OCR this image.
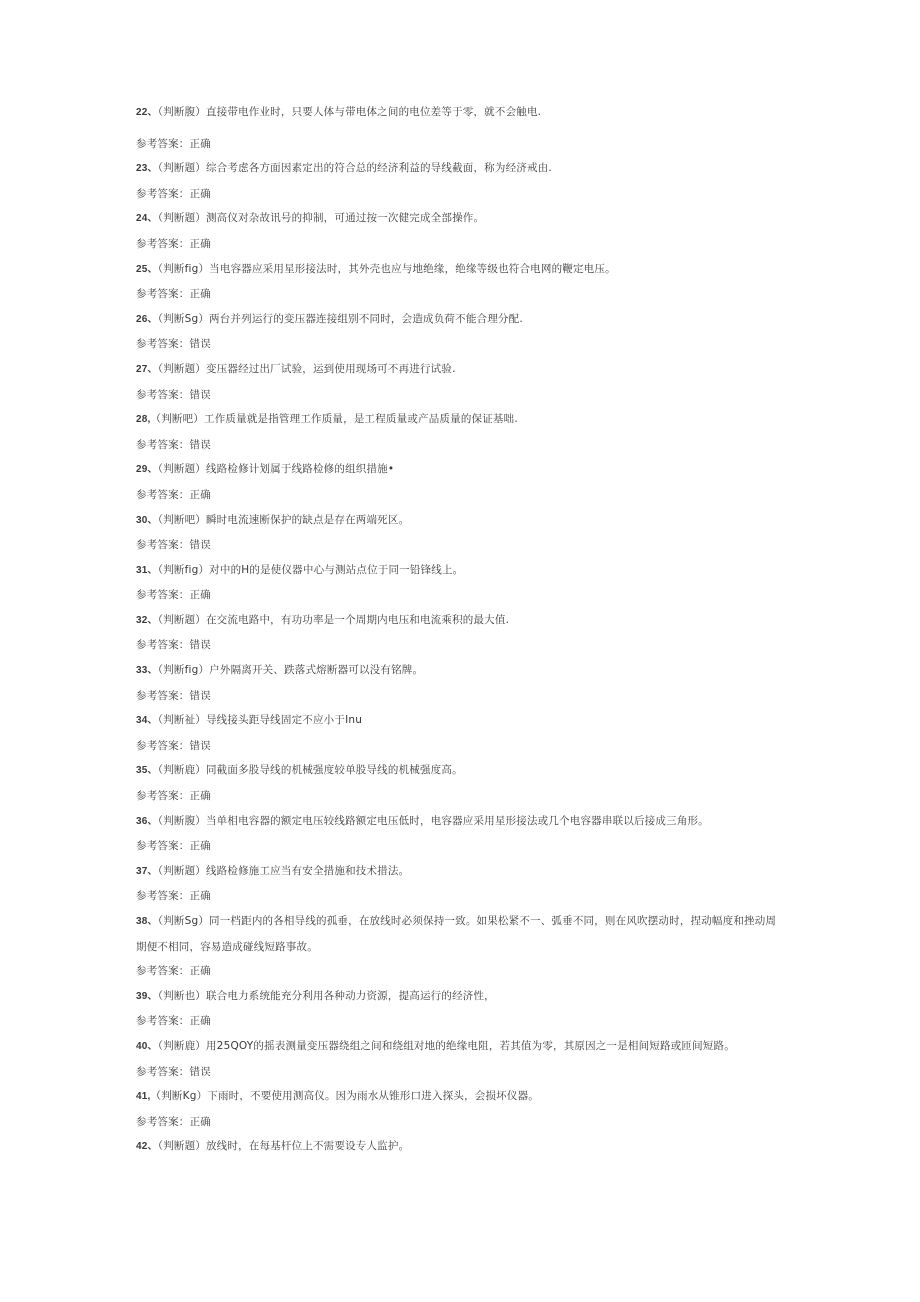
22、（判断腹）直接带电作业时，只要人体与带电体之间的电位差等于零，就不会触电.
参考答案：正确
23、（判断题）综合考虑各方面因素定出的符合总的经济利益的导线截面，称为经济戒由.
参考答案：正确
24、（判断题）测高仪对杂故讯号的抑制，可通过按一次健完成全部操作。
参考答案：正确
25、（判断fig）当电容器应采用星形接法时，其外壳也应与地绝缘，绝缘等级也符合电网的鞭定电压。
参考答案：正确
26、（判断Sg）两台并列运行的变压器连接组别不同时，会造成负荷不能合理分配.
参考答案：错误
27、（判断题）变压器经过出厂试验，运到使用现场可不再进行试验.
参考答案：错误
28,（判断吧）工作质量就是指管理工作质量，是工程质量或产品质量的保证基咄.
参考答案：错误
29、（判断题）线路检修计划属于线路检修的组织措施•
参考答案：正确
30、（判断吧）瞬时电流速断保护的缺点是存在两端死区。
参考答案：错误
31、（判断fig）对中的H的是使仪器中心与测站点位于同一铅锋线上。
参考答案：正确
32、（判断题）在交流电路中，有功功率是一个周期内电压和电流乘积的最大值.
参考答案：错误
33、（判断fig）户外隔离开关、跌落式熔断器可以没有铭牌。
参考答案：错误
34、（判断祉）导线接头距导线固定不应小于Inu
参考答案：错误
35、（判断鹿）同截面多股导线的机械强度较单股导线的机械强度高。
参考答案：正确
36、（判断腹）当单相电容器的额定电压较线路额定电压低时，电容器应采用星形接法或几个电容器串联以后接成三角形。
参考答案：正确
37、（判断题）线路检修施工应当有安全措施和技术措法。
参考答案：正确
38、（判断Sg）同一档距内的各相导线的孤垂，在放线时必须保持一致。如果松紧不一、弧垂不同，则在风吹摆动时，捏动幅度和挫动周期便不相同，容易造成碰线短路事故。
参考答案：正确
39、（判断也）联合电力系统能充分利用各种动力资源，提高运行的经济性，
参考答案：正确
40、（判断鹿）用25QOY的摇表测量变压器绕组之间和绕组对地的绝缘电阻，若其值为零，其原因之一是相间短路或匝间短路。
参考答案：错误
41,（判断Kg）下雨时，不要使用测高仪。因为雨水从锥形口进入探头，会损坏仪器。
参考答案：正确
42、（判断题）放线时，在每基杆位上不需要设专人监护。
